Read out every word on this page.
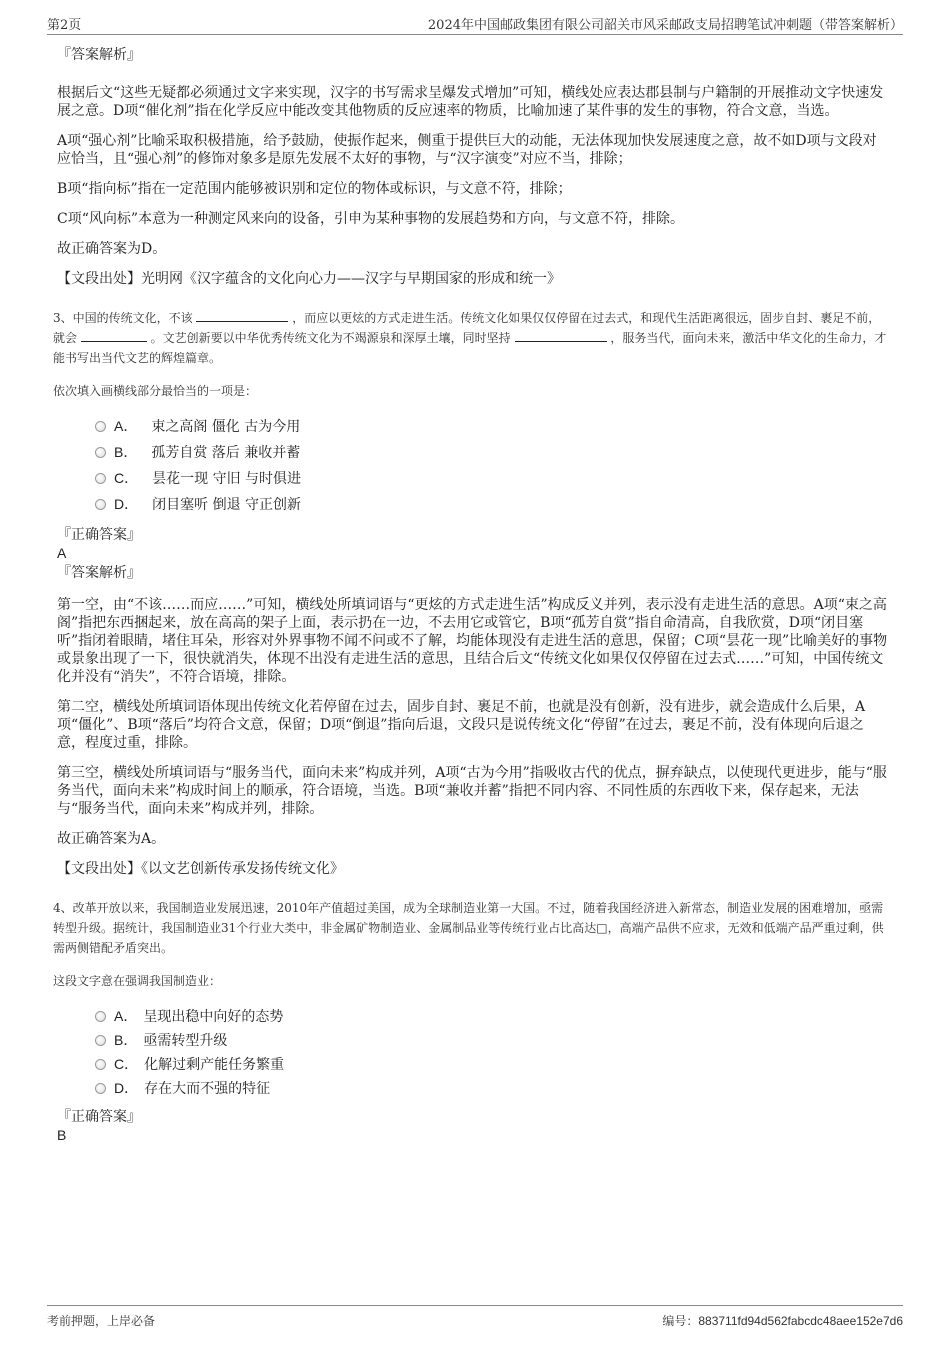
第2页	2024年中国邮政集团有限公司韶关市风采邮政支局招聘笔试冲刺题（带答案解析）

『答案解析』

根据后文“这些无疑都必须通过文字来实现，汉字的书写需求呈爆发式增加”可知，横线处应表达郡县制与户籍制的开展推动文字快速发展之意。D项“催化剂”指在化学反应中能改变其他物质的反应速率的物质，比喻加速了某件事的发生的事物，符合文意，当选。

A项“强心剂”比喻采取积极措施，给予鼓励，使振作起来，侧重于提供巨大的动能，无法体现加快发展速度之意，故不如D项与文段对应恰当，且“强心剂”的修饰对象多是原先发展不太好的事物，与“汉字演变”对应不当，排除；

B项“指向标”指在一定范围内能够被识别和定位的物体或标识，与文意不符，排除；

C项“风向标”本意为一种测定风来向的设备，引申为某种事物的发展趋势和方向，与文意不符，排除。

故正确答案为D。

【文段出处】光明网《汉字蕴含的文化向心力——汉字与早期国家的形成和统一》

3、中国的传统文化，不该	，而应以更炫的方式走进生活。传统文化如果仅仅停留在过去式，和现代生活距离很远，固步自封、裹足不前，就会	。文艺创新要以中华优秀传统文化为不竭源泉和深厚土壤，同时坚持	，服务当代，面向未来，激活中华文化的生命力，才能书写出当代文艺的辉煌篇章。

依次填入画横线部分最恰当的一项是：

A． 束之高阁 僵化 古为今用
B． 孤芳自赏 落后 兼收并蓄
C． 昙花一现 守旧 与时俱进
D． 闭目塞听 倒退 守正创新

『正确答案』

A

『答案解析』

第一空，由“不该……而应……”可知，横线处所填词语与“更炫的方式走进生活”构成反义并列，表示没有走进生活的意思。A项“束之高阁”指把东西捆起来，放在高高的架子上面，表示扔在一边，不去用它或管它，B项“孤芳自赏”指自命清高，自我欣赏，D项“闭目塞听”指闭着眼睛，堵住耳朵，形容对外界事物不闻不问或不了解，均能体现没有走进生活的意思，保留；C项“昙花一现”比喻美好的事物或景象出现了一下，很快就消失，体现不出没有走进生活的意思，且结合后文“传统文化如果仅仅停留在过去式……”可知，中国传统文化并没有“消失”，不符合语境，排除。

第二空，横线处所填词语体现出传统文化若停留在过去，固步自封、裹足不前，也就是没有创新，没有进步，就会造成什么后果，A项“僵化”、B项“落后”均符合文意，保留；D项“倒退”指向后退，文段只是说传统文化“停留”在过去，裹足不前，没有体现向后退之意，程度过重，排除。

第三空，横线处所填词语与“服务当代，面向未来”构成并列，A项“古为今用”指吸收古代的优点，摒弃缺点，以使现代更进步，能与“服务当代，面向未来”构成时间上的顺承，符合语境，当选。B项“兼收并蓄”指把不同内容、不同性质的东西收下来，保存起来，无法与“服务当代，面向未来”构成并列，排除。

故正确答案为A。

【文段出处】《以文艺创新传承发扬传统文化》

4、改革开放以来，我国制造业发展迅速，2010年产值超过美国，成为全球制造业第一大国。不过，随着我国经济进入新常态，制造业发展的困难增加，亟需转型升级。据统计，我国制造业31个行业大类中，非金属矿物制造业、金属制品业等传统行业占比高达□，高端产品供不应求，无效和低端产品严重过剩，供需两侧错配矛盾突出。

这段文字意在强调我国制造业：

A． 呈现出稳中向好的态势
B． 亟需转型升级
C． 化解过剩产能任务繁重
D． 存在大而不强的特征

『正确答案』

B

考前押题，上岸必备	编号：883711fd94d562fabcdc48aee152e7d6
